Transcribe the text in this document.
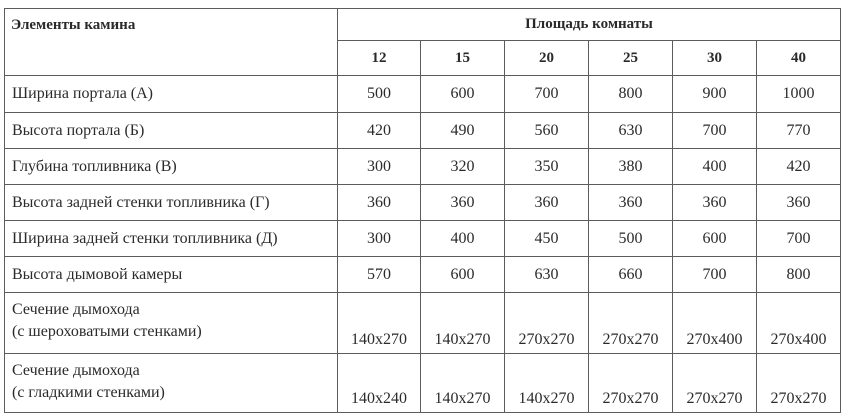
Элементы камина	Площадь комнаты					
	12	15	20	25	30	40
Ширина портала (А)	500	600	700	800	900	1000
Высота портала (Б)	420	490	560	630	700	770
Глубина топливника (В)	300	320	350	380	400	420
Высота задней стенки топливника (Г)	360	360	360	360	360	360
Ширина задней стенки топливника (Д)	300	400	450	500	600	700
Высота дымовой камеры	570	600	630	660	700	800

Сечение дымохода
(с шероховатыми стенками)	140x270	140x270	270x270	270x270	270x400	270x400

Сечение дымохода
(с гладкими стенками)	140x240	140x270	140x270	270x270	270x270	270x270
